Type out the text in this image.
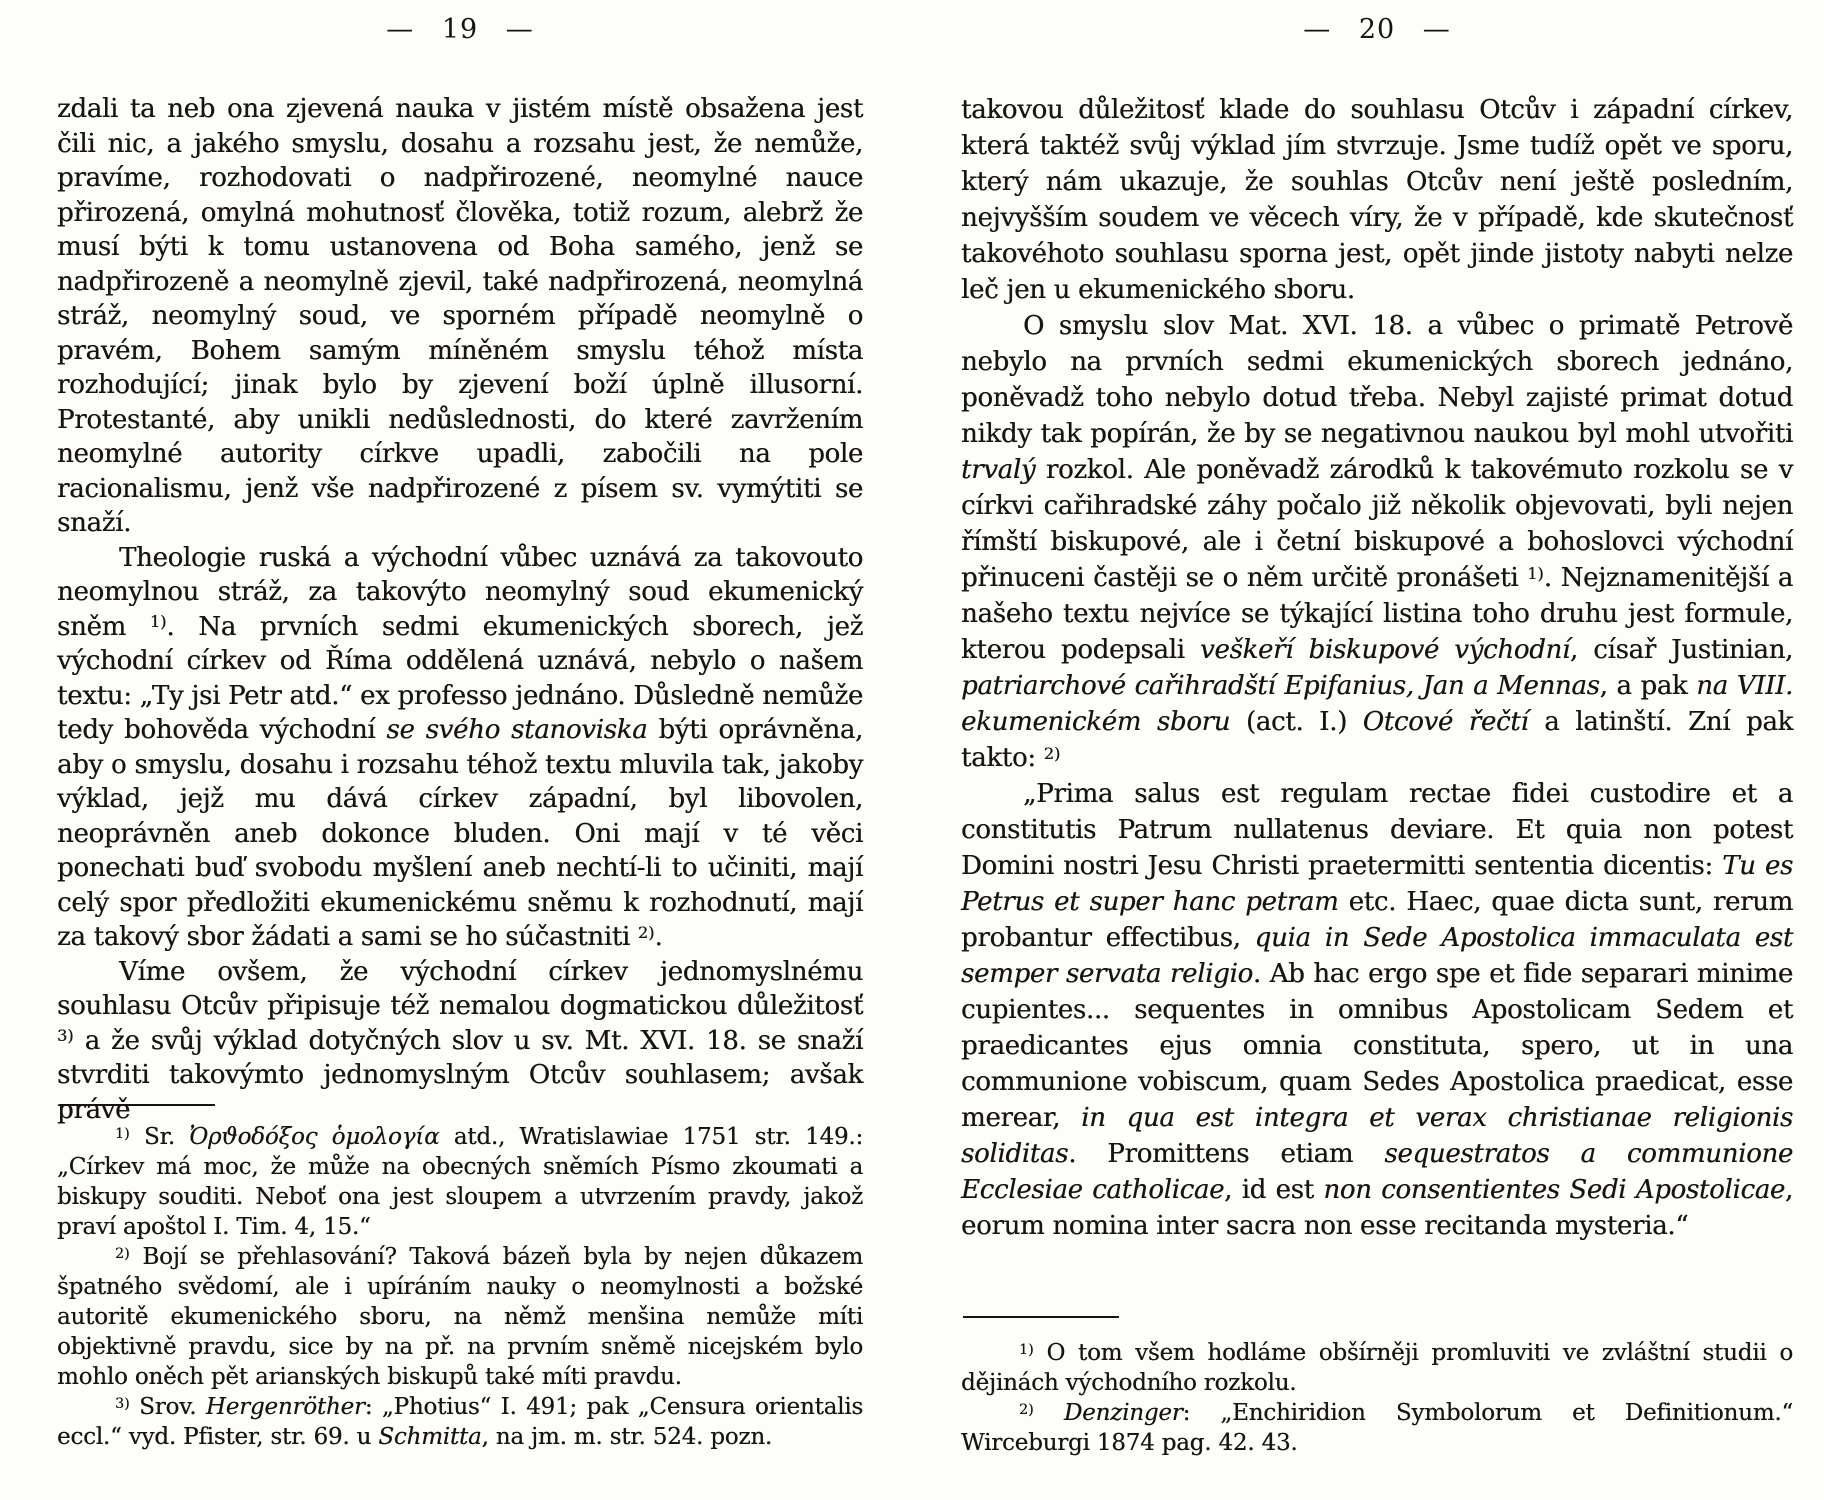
— 19 —

zdali ta neb ona zjevená nauka v jistém místě obsažena jest čili nic, a jakého smyslu, dosahu a rozsahu jest, že nemůže, pravíme, rozhodovati o nadpřirozené, neomylné nauce přirozená, omylná mohutnosť člověka, totiž rozum, alebrž že musí býti k tomu ustanovena od Boha samého, jenž se nadpřirozeně a neomylně zjevil, také nadpřirozená, neomylná stráž, neomylný soud, ve sporném případě neomylně o pravém, Bohem samým míněném smyslu téhož místa rozhodující; jinak bylo by zjevení boží úplně illusorní. Protestanté, aby unikli nedůslednosti, do které zavržením neomylné autority církve upadli, zabočili na pole racionalismu, jenž vše nadpřirozené z písem sv. vymýtiti se snaží.

Theologie ruská a východní vůbec uznává za takovouto neomylnou stráž, za takovýto neomylný soud ekumenický sněm $^{1)}$. Na prvních sedmi ekumenických sborech, jež východní církev od Říma oddělená uznává, nebylo o našem textu: „Ty jsi Petr atd.“ ex professo jednáno. Důsledně nemůže tedy bohověda východní se svého stanoviska býti oprávněna, aby o smyslu, dosahu i rozsahu téhož textu mluvila tak, jakoby výklad, jejž mu dává církev západní, byl libovolen, neoprávněn aneb dokonce bluden. Oni mají v té věci ponechati buď svobodu myšlení aneb nechtí-li to učiniti, mají celý spor předložiti ekumenickému sněmu k rozhodnutí, mají za takový sbor žádati a sami se ho súčastniti $^{2)}$.

Víme ovšem, že východní církev jednomyslnému souhlasu Otcův připisuje též nemalou dogmatickou důležitosť $^{3)}$ a že svůj výklad dotyčných slov u sv. Mt. XVI. 18. se snaží stvrditi takovýmto jednomyslným Otcův souhlasem; avšak právě

$^{1)}$ Sr. Ὀρϑοδόξος ὁμολογία atd., Wratislawiae 1751 str. 149.: „Církev má moc, že může na obecných sněmích Písmo zkoumati a biskupy souditi. Neboť ona jest sloupem a utvrzením pravdy, jakož praví apoštol I. Tim. 4, 15.“

$^{2)}$ Bojí se přehlasování? Taková bázeň byla by nejen důkazem špatného svědomí, ale i upíráním nauky o neomylnosti a božské autoritě ekumenického sboru, na němž menšina nemůže míti objektivně pravdu, sice by na př. na prvním sněmě nicejském bylo mohlo oněch pět arianských biskupů také míti pravdu.

$^{3)}$ Srov. Hergenröther: „Photius“ I. 491; pak „Censura orientalis eccl.“ vyd. Pfister, str. 69. u Schmitta, na jm. m. str. 524. pozn.

— 20 —

takovou důležitosť klade do souhlasu Otcův i západní církev, která taktéž svůj výklad jím stvrzuje. Jsme tudíž opět ve sporu, který nám ukazuje, že souhlas Otcův není ještě posledním, nejvyšším soudem ve věcech víry, že v případě, kde skutečnosť takovéhoto souhlasu sporna jest, opět jinde jistoty nabyti nelze leč jen u ekumenického sboru.

O smyslu slov Mat. XVI. 18. a vůbec o primatě Petrově nebylo na prvních sedmi ekumenických sborech jednáno, poněvadž toho nebylo dotud třeba. Nebyl zajisté primat dotud nikdy tak popírán, že by se negativnou naukou byl mohl utvořiti trvalý rozkol. Ale poněvadž zárodků k takovémuto rozkolu se v církvi cařihradské záhy počalo již několik objevovati, byli nejen římští biskupové, ale i četní biskupové a bohoslovci východní přinuceni častěji se o něm určitě pronášeti $^{1)}$. Nejznamenitější a našeho textu nejvíce se týkající listina toho druhu jest formule, kterou podepsali veškeří biskupové východní, císař Justinian, patriarchové cařihradští Epifanius, Jan a Mennas, a pak na VIII. ekumenickém sboru (act. I.) Otcové řečtí a latinští. Zní pak takto: $^{2)}$

„Prima salus est regulam rectae fidei custodire et a constitutis Patrum nullatenus deviare. Et quia non potest Domini nostri Jesu Christi praetermitti sententia dicentis: Tu es Petrus et super hanc petram etc. Haec, quae dicta sunt, rerum probantur effectibus, quia in Sede Apostolica immaculata est semper servata religio. Ab hac ergo spe et fide separari minime cupientes... sequentes in omnibus Apostolicam Sedem et praedicantes ejus omnia constituta, spero, ut in una communione vobiscum, quam Sedes Apostolica praedicat, esse merear, in qua est integra et verax christianae religionis soliditas. Promittens etiam sequestratos a communione Ecclesiae catholicae, id est non consentientes Sedi Apostolicae, eorum nomina inter sacra non esse recitanda mysteria.“

$^{1)}$ O tom všem hodláme obšírněji promluviti ve zvláštní studii o dějinách východního rozkolu.

$^{2)}$ Denzinger: „Enchiridion Symbolorum et Definitionum.“ Wirceburgi 1874 pag. 42. 43.
